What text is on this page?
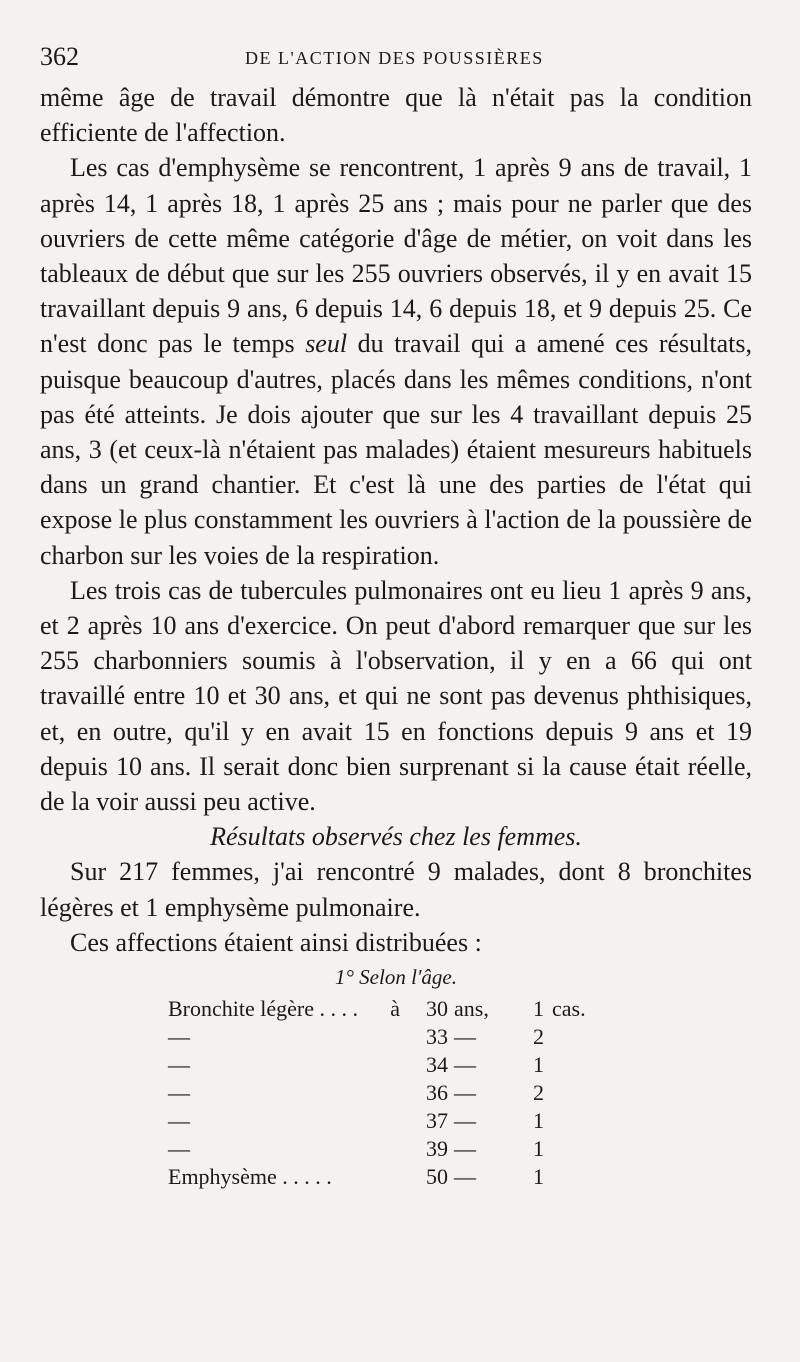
362	DE L'ACTION DES POUSSIÈRES

même âge de travail démontre que là n'était pas la condition efficiente de l'affection.

Les cas d'emphysème se rencontrent, 1 après 9 ans de travail, 1 après 14, 1 après 18, 1 après 25 ans ; mais pour ne parler que des ouvriers de cette même catégorie d'âge de métier, on voit dans les tableaux de début que sur les 255 ouvriers observés, il y en avait 15 travaillant depuis 9 ans, 6 depuis 14, 6 depuis 18, et 9 depuis 25. Ce n'est donc pas le temps seul du travail qui a amené ces résultats, puisque beaucoup d'autres, placés dans les mêmes conditions, n'ont pas été atteints. Je dois ajouter que sur les 4 travaillant depuis 25 ans, 3 (et ceux-là n'étaient pas malades) étaient mesureurs habituels dans un grand chantier. Et c'est là une des parties de l'état qui expose le plus constamment les ouvriers à l'action de la poussière de charbon sur les voies de la respiration.

Les trois cas de tubercules pulmonaires ont eu lieu 1 après 9 ans, et 2 après 10 ans d'exercice. On peut d'abord remarquer que sur les 255 charbonniers soumis à l'observation, il y en a 66 qui ont travaillé entre 10 et 30 ans, et qui ne sont pas devenus phthisiques, et, en outre, qu'il y en avait 15 en fonctions depuis 9 ans et 19 depuis 10 ans. Il serait donc bien surprenant si la cause était réelle, de la voir aussi peu active.

Résultats observés chez les femmes.

Sur 217 femmes, j'ai rencontré 9 malades, dont 8 bronchites légères et 1 emphysème pulmonaire.

Ces affections étaient ainsi distribuées :

1° Selon l'âge.

Bronchite légère . . . .	à	30	ans,	1	cas.
—		33	—	2	
—		34	—	1	
—		36	—	2	
—		37	—	1	
—		39	—	1	
Emphysème . . . . .		50	—	1	
